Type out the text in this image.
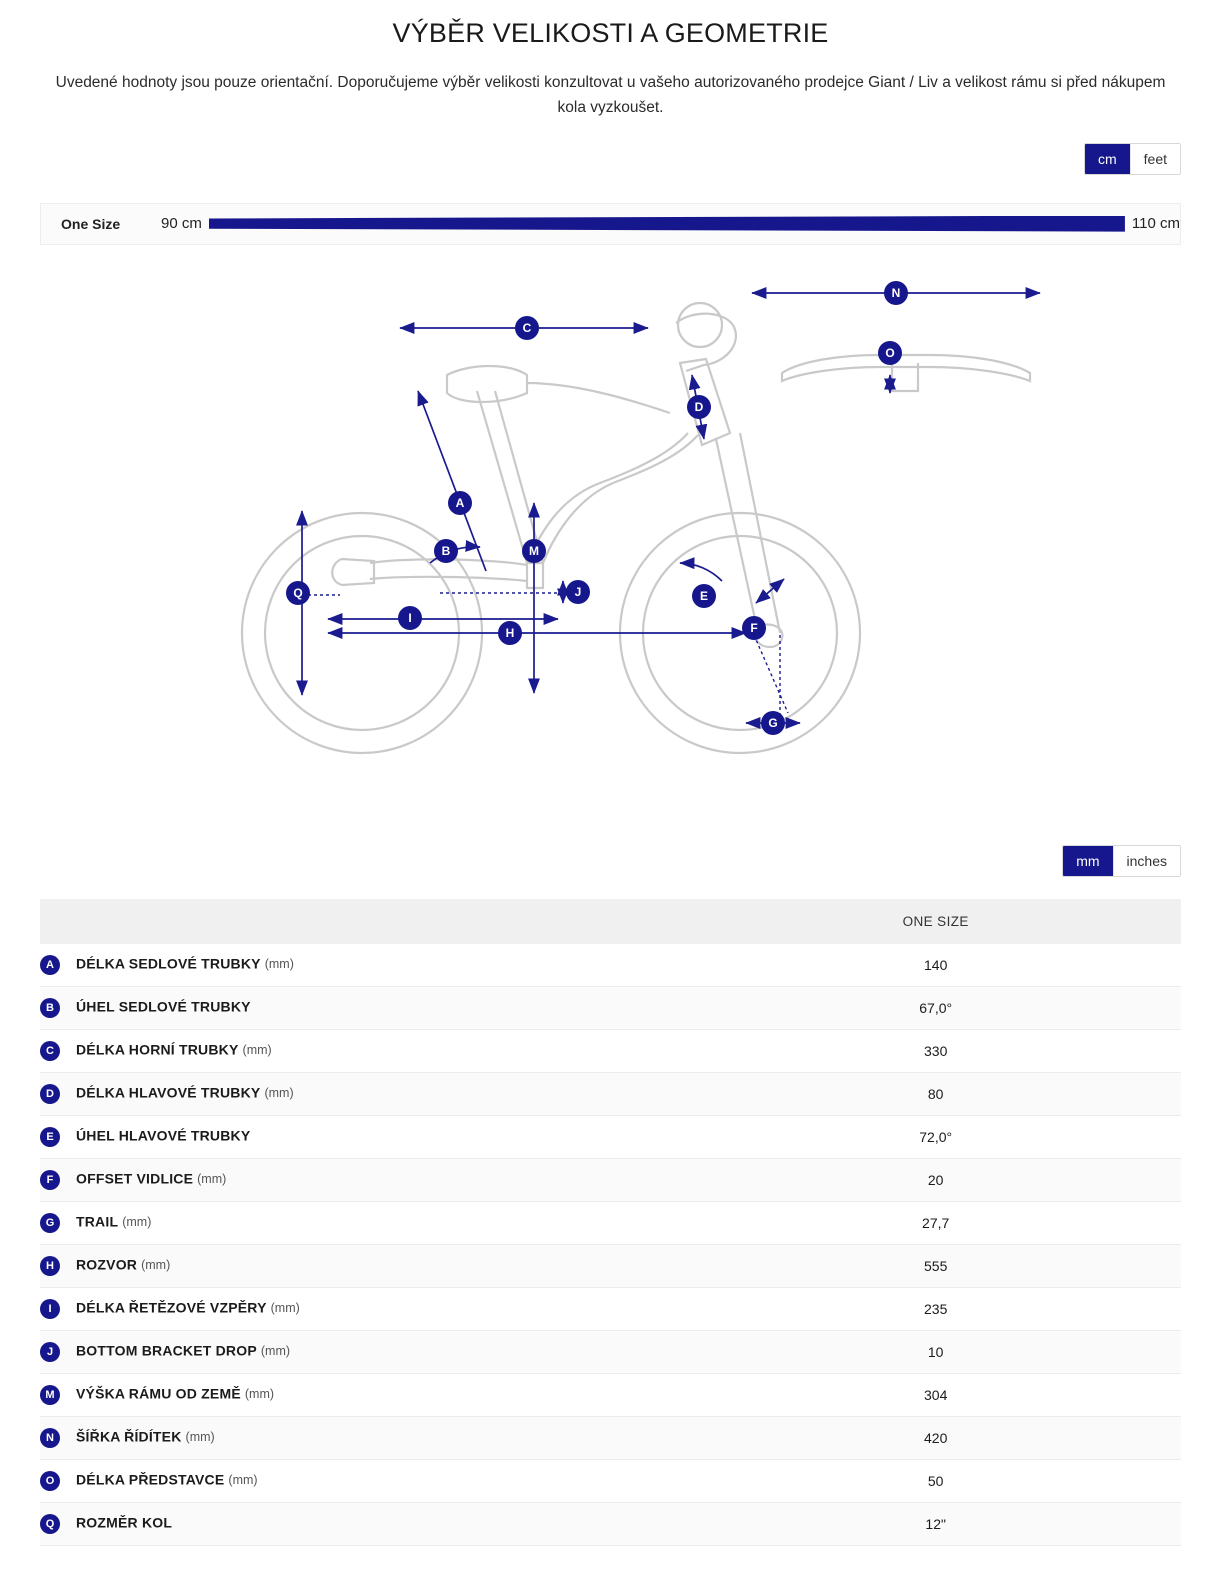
VÝBĚR VELIKOSTI A GEOMETRIE

Uvedené hodnoty jsou pouze orientační. Doporučujeme výběr velikosti konzultovat u vašeho autorizovaného prodejce Giant / Liv a velikost rámu si před nákupem kola vyzkoušet.

cm	feet
One Size	90 cm	110 cm
N
O
C
D
A
B	M
J
Q
I
H
E
F
G
mm	inches
	ONE SIZE
A DÉLKA SEDLOVÉ TRUBKY (mm)	140
B ÚHEL SEDLOVÉ TRUBKY	67,0°
C DÉLKA HORNÍ TRUBKY (mm)	330
D DÉLKA HLAVOVÉ TRUBKY (mm)	80
E ÚHEL HLAVOVÉ TRUBKY	72,0°
F OFFSET VIDLICE (mm)	20
G TRAIL (mm)	27,7
H ROZVOR (mm)	555
I DÉLKA ŘETĚZOVÉ VZPĚRY (mm)	235
J BOTTOM BRACKET DROP (mm)	10
M VÝŠKA RÁMU OD ZEMĚ (mm)	304
N ŠÍŘKA ŘÍDÍTEK (mm)	420
O DÉLKA PŘEDSTAVCE (mm)	50
Q ROZMĚR KOL	12"
